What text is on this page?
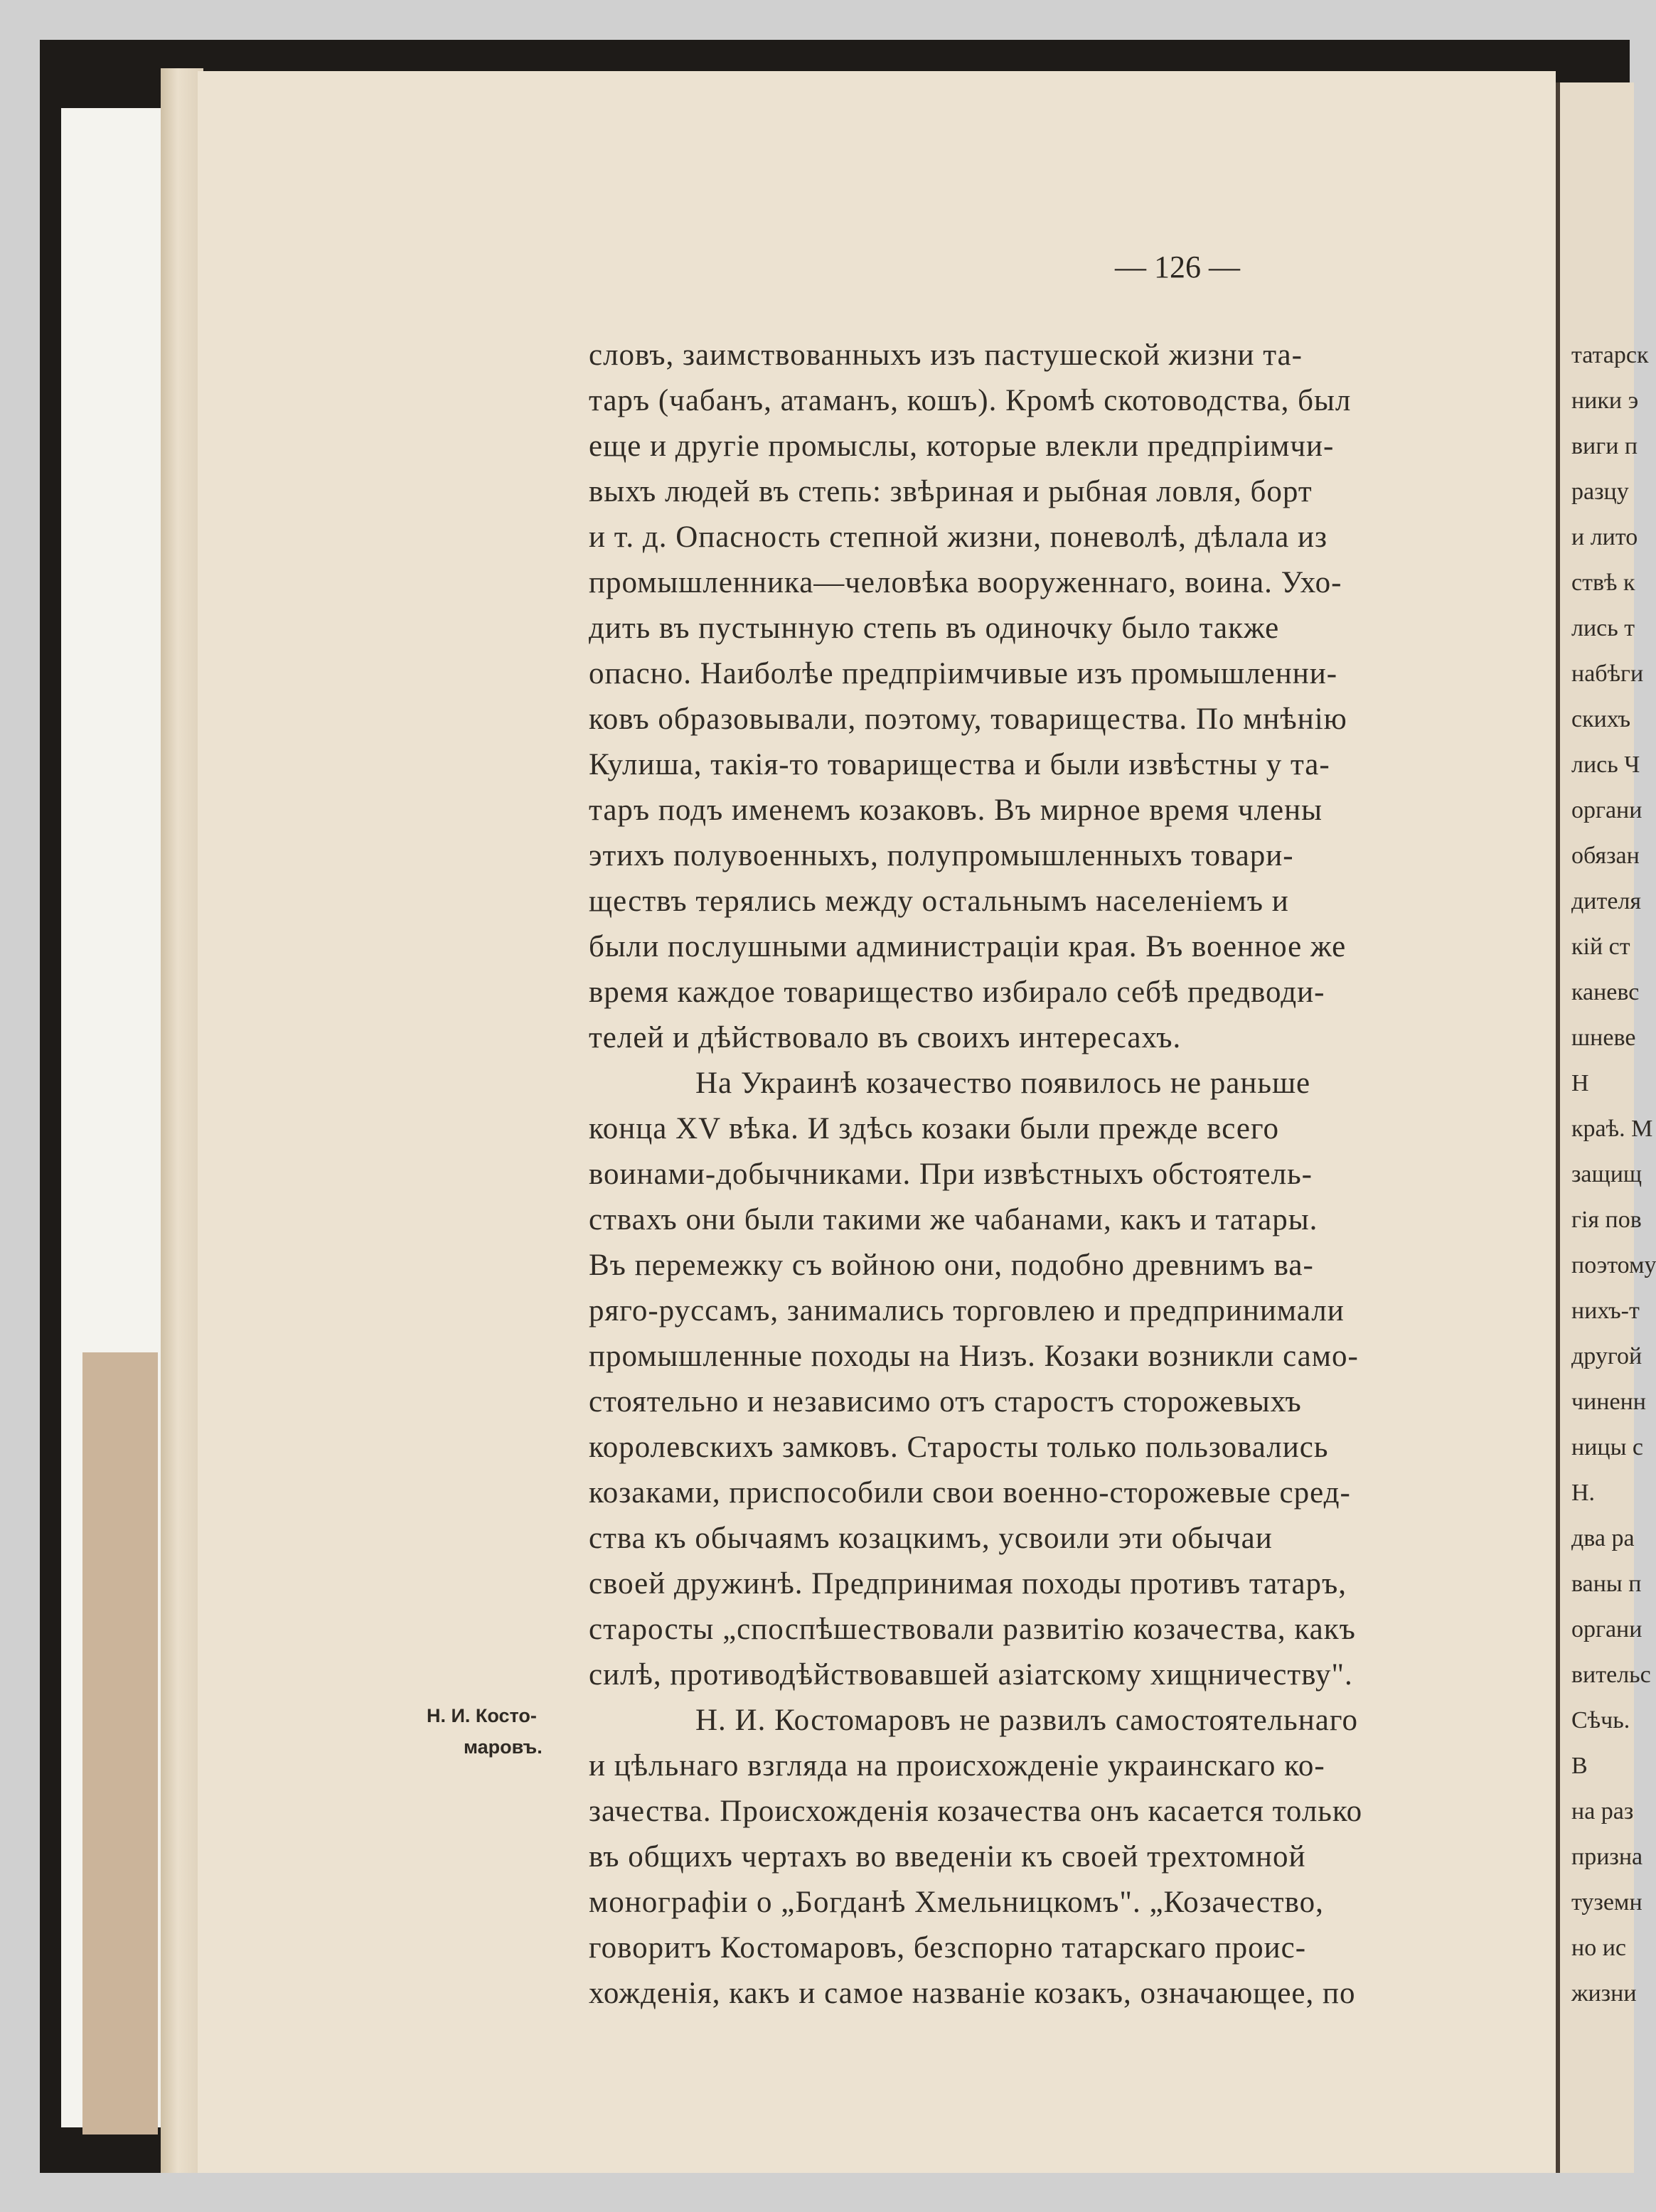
— 126 —
словъ, заимствованныхъ изъ пастушеской жизни та-
таръ (чабанъ, атаманъ, кошъ). Кромѣ скотоводства, был
еще и другіе промыслы, которые влекли предпріимчи-
выхъ людей въ степь: звѣриная и рыбная ловля, борт
и т. д. Опасность степной жизни, поневолѣ, дѣлала из
промышленника—человѣка вооруженнаго, воина. Ухо-
дить въ пустынную степь въ одиночку было также
опасно. Наиболѣе предпріимчивые изъ промышленни-
ковъ образовывали, поэтому, товарищества. По мнѣнію
Кулиша, такія-то товарищества и были извѣстны у та-
таръ подъ именемъ козаковъ. Въ мирное время члены
этихъ полувоенныхъ, полупромышленныхъ товари-
ществъ терялись между остальнымъ населеніемъ и
были послушными администраціи края. Въ военное же
время каждое товарищество избирало себѣ предводи-
телей и дѣйствовало въ своихъ интересахъ.
На Украинѣ козачество появилось не раньше
конца XV вѣка. И здѣсь козаки были прежде всего
воинами-добычниками. При извѣстныхъ обстоятель-
ствахъ они были такими же чабанами, какъ и татары.
Въ перемежку съ войною они, подобно древнимъ ва-
ряго-руссамъ, занимались торговлею и предпринимали
промышленные походы на Низъ. Козаки возникли само-
стоятельно и независимо отъ старостъ сторожевыхъ
королевскихъ замковъ. Старосты только пользовались
козаками, приспособили свои военно-сторожевые сред-
ства къ обычаямъ козацкимъ, усвоили эти обычаи
своей дружинѣ. Предпринимая походы противъ татаръ,
старосты „споспѣшествовали развитію козачества, какъ
силѣ, противодѣйствовавшей азіатскому хищничеству".
Н. И. Костомаровъ не развилъ самостоятельнаго
и цѣльнаго взгляда на происхожденіе украинскаго ко-
зачества. Происхожденія козачества онъ касается только
въ общихъ чертахъ во введеніи къ своей трехтомной
монографіи о „Богданѣ Хмельницкомъ". „Козачество,
говоритъ Костомаровъ, безспорно татарскаго проис-
хожденія, какъ и самое названіе козакъ, означающее, по
Н. И. Косто-
маровъ.
татарск
ники э
виги п
разцу
и лито
ствѣ к
лись т
набѣги
скихъ
лись Ч
органи
обязан
дителя
кій ст
каневс
шневе
Н
краѣ. М
защищ
гія пов
поэтому
нихъ-т
другой
чиненн
ницы с
Н.
два ра
ваны п
органи
вительс
Сѣчь.
В
на раз
призна
туземн
но ис
жизни
